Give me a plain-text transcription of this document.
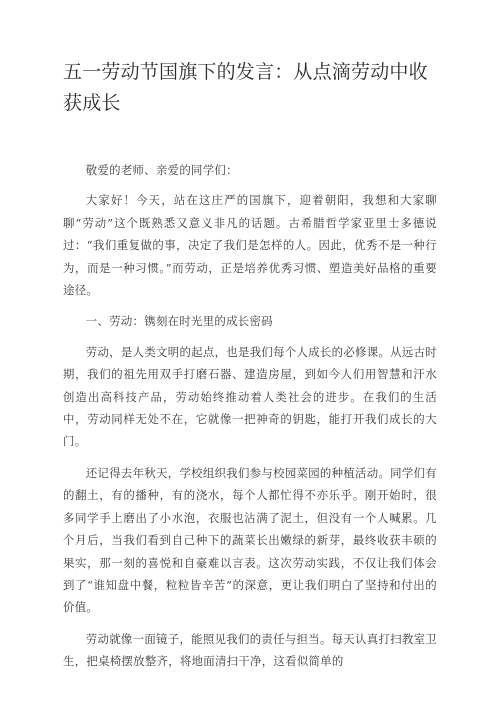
五一劳动节国旗下的发言：从点滴劳动中收获成长

敬爱的老师、亲爱的同学们：

大家好！今天，站在这庄严的国旗下，迎着朝阳，我想和大家聊聊“劳动”这个既熟悉又意义非凡的话题。古希腊哲学家亚里士多德说过：“我们重复做的事，决定了我们是怎样的人。因此，优秀不是一种行为，而是一种习惯。”而劳动，正是培养优秀习惯、塑造美好品格的重要途径。

一、劳动：镌刻在时光里的成长密码

劳动，是人类文明的起点，也是我们每个人成长的必修课。从远古时期，我们的祖先用双手打磨石器、建造房屋，到如今人们用智慧和汗水创造出高科技产品，劳动始终推动着人类社会的进步。在我们的生活中，劳动同样无处不在，它就像一把神奇的钥匙，能打开我们成长的大门。

还记得去年秋天，学校组织我们参与校园菜园的种植活动。同学们有的翻土，有的播种，有的浇水，每个人都忙得不亦乐乎。刚开始时，很多同学手上磨出了小水泡，衣服也沾满了泥土，但没有一个人喊累。几个月后，当我们看到自己种下的蔬菜长出嫩绿的新芽，最终收获丰硕的果实，那一刻的喜悦和自豪难以言表。这次劳动实践，不仅让我们体会到了“谁知盘中餐，粒粒皆辛苦”的深意，更让我们明白了坚持和付出的价值。

劳动就像一面镜子，能照见我们的责任与担当。每天认真打扫教室卫生，把桌椅摆放整齐，将地面清扫干净，这看似简单的
